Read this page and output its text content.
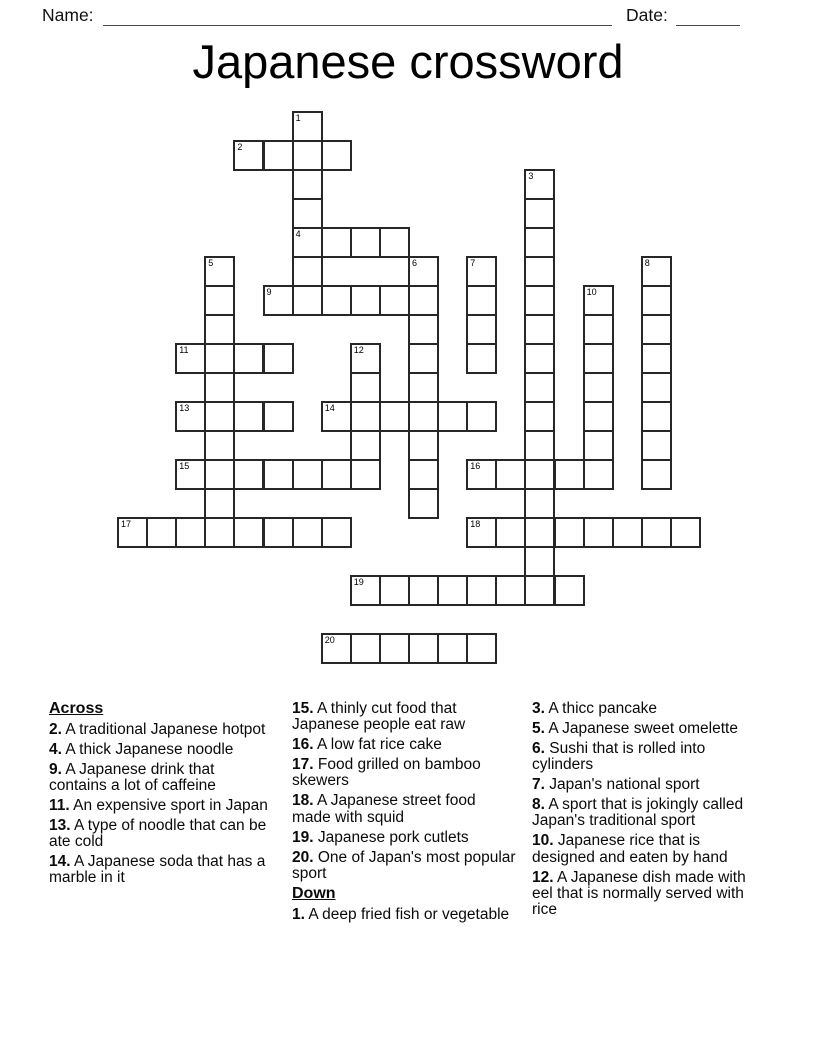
Name:	Date:
Japanese crossword
1
4
2
3
5	6	7	8
9	10
11	12
13	14
15	16
17	18
19
20
Across
2. A traditional Japanese hotpot
4. A thick Japanese noodle
9. A Japanese drink that contains a lot of caffeine
11. An expensive sport in Japan
13. A type of noodle that can be ate cold
14. A Japanese soda that has a marble in it
15. A thinly cut food that Japanese people eat raw
16. A low fat rice cake
17. Food grilled on bamboo skewers
18. A Japanese street food made with squid
19. Japanese pork cutlets
20. One of Japan's most popular sport
Down
1. A deep fried fish or vegetable
3. A thicc pancake
5. A Japanese sweet omelette
6. Sushi that is rolled into cylinders
7. Japan's national sport
8. A sport that is jokingly called Japan's traditional sport
10. Japanese rice that is designed and eaten by hand
12. A Japanese dish made with eel that is normally served with rice
